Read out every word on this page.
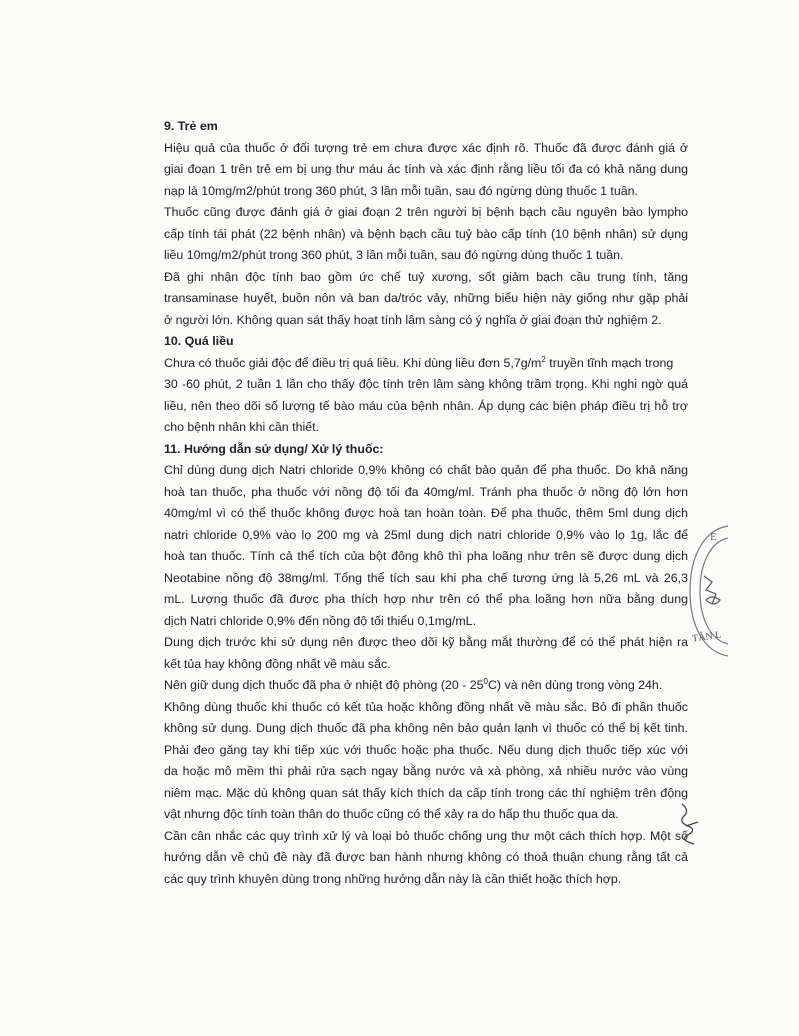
9. Trẻ em
Hiệu quả của thuốc ở đối tượng trẻ em chưa được xác định rõ. Thuốc đã được đánh giá ở
giai đoạn 1 trên trẻ em bị ung thư máu ác tính và xác định rằng liều tối đa có khả năng dung
nạp là 10mg/m2/phút trong 360 phút, 3 lần mỗi tuần, sau đó ngừng dùng thuốc 1 tuần.
Thuốc cũng được đánh giá ở giai đoạn 2 trên người bị bệnh bạch cầu nguyên bào lympho
cấp tính tái phát (22 bệnh nhân) và bệnh bạch cầu tuỷ bào cấp tính (10 bệnh nhân) sử dụng
liều 10mg/m2/phút trong 360 phút, 3 lần mỗi tuần, sau đó ngừng dùng thuốc 1 tuần.
Đã ghi nhận độc tính bao gồm ức chế tuỷ xương, sốt giảm bạch cầu trung tính, tăng
transaminase huyết, buồn nôn và ban da/tróc vảy, những biểu hiện này giống như gặp phải
ở người lớn. Không quan sát thấy hoạt tính lâm sàng có ý nghĩa ở giai đoạn thử nghiệm 2.
10. Quá liều
Chưa có thuốc giải độc để điều trị quá liều. Khi dùng liều đơn $5,7g/m^2$ truyền tĩnh mạch trong
30 -60 phút, 2 tuần 1 lần cho thấy độc tính trên lâm sàng không trầm trọng. Khi nghi ngờ quá
liều, nên theo dõi số lượng tế bào máu của bệnh nhân. Áp dụng các biện pháp điều trị hỗ trợ
cho bệnh nhân khi cần thiết.
11. Hướng dẫn sử dụng/ Xử lý thuốc:
Chỉ dùng dung dịch Natri chloride 0,9% không có chất bảo quản để pha thuốc. Do khả năng
hoà tan thuốc, pha thuốc với nồng độ tối đa 40mg/ml. Tránh pha thuốc ở nồng độ lớn hơn
40mg/ml vì có thể thuốc không được hoà tan hoàn toàn. Để pha thuốc, thêm 5ml dung dịch
natri chloride 0,9% vào lọ 200 mg và 25ml dung dịch natri chloride 0,9% vào lọ 1g, lắc để
hoà tan thuốc. Tính cả thể tích của bột đông khô thì pha loãng như trên sẽ được dung dịch
Neotabine nồng độ 38mg/ml. Tổng thể tích sau khi pha chế tương ứng là 5,26 mL và 26,3
mL. Lượng thuốc đã được pha thích hợp như trên có thể pha loãng hơn nữa bằng dung
dịch Natri chloride 0,9% đến nồng độ tối thiểu 0,1mg/mL.
Dung dịch trước khi sử dụng nên được theo dõi kỹ bằng mắt thường để có thể phát hiện ra
kết tủa hay không đồng nhất về màu sắc.
Nên giữ dung dịch thuốc đã pha ở nhiệt độ phòng $(20 - 25^0C)$ và nên dùng trong vòng 24h.
Không dùng thuốc khi thuốc có kết tủa hoặc không đồng nhất về màu sắc. Bỏ đi phần thuốc
không sử dụng. Dung dịch thuốc đã pha không nên bảo quản lạnh vì thuốc có thể bị kết tinh.
Phải đeo găng tay khi tiếp xúc với thuốc hoặc pha thuốc. Nếu dung dịch thuốc tiếp xúc với
da hoặc mô mềm thì phải rửa sạch ngay bằng nước và xà phòng, xả nhiều nước vào vùng
niêm mạc. Mặc dù không quan sát thấy kích thích da cấp tính trong các thí nghiệm trên động
vật nhưng độc tính toàn thân do thuốc cũng có thể xảy ra do hấp thu thuốc qua da.
Cần cân nhắc các quy trình xử lý và loại bỏ thuốc chống ung thư một cách thích hợp. Một số
hướng dẫn về chủ đề này đã được ban hành nhưng không có thoả thuận chung rằng tất cả
các quy trình khuyên dùng trong những hướng dẫn này là cần thiết hoặc thích hợp.
E
TÂN L
